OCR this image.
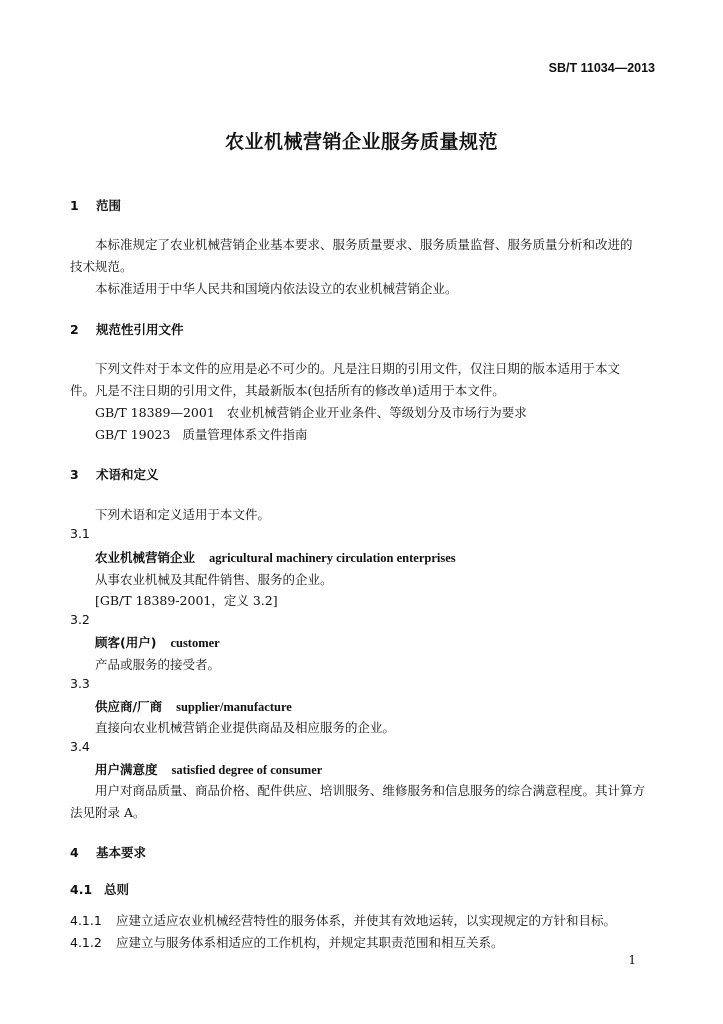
SB/T 11034—2013
农业机械营销企业服务质量规范
1 范围
本标准规定了农业机械营销企业基本要求、服务质量要求、服务质量监督、服务质量分析和改进的
技术规范。
本标准适用于中华人民共和国境内依法设立的农业机械营销企业。
2 规范性引用文件
下列文件对于本文件的应用是必不可少的。凡是注日期的引用文件，仅注日期的版本适用于本文
件。凡是不注日期的引用文件，其最新版本(包括所有的修改单)适用于本文件。
GB/T 18389—2001 农业机械营销企业开业条件、等级划分及市场行为要求
GB/T 19023 质量管理体系文件指南
3 术语和定义
下列术语和定义适用于本文件。
3.1
农业机械营销企业 agricultural machinery circulation enterprises
从事农业机械及其配件销售、服务的企业。
[GB/T 18389-2001，定义 3.2]
3.2
顾客(用户) customer
产品或服务的接受者。
3.3
供应商/厂商 supplier/manufacture
直接向农业机械营销企业提供商品及相应服务的企业。
3.4
用户满意度 satisfied degree of consumer
用户对商品质量、商品价格、配件供应、培训服务、维修服务和信息服务的综合满意程度。其计算方
法见附录 A。
4 基本要求
4.1 总则
4.1.1 应建立适应农业机械经营特性的服务体系，并使其有效地运转，以实现规定的方针和目标。
4.1.2 应建立与服务体系相适应的工作机构，并规定其职责范围和相互关系。
1
